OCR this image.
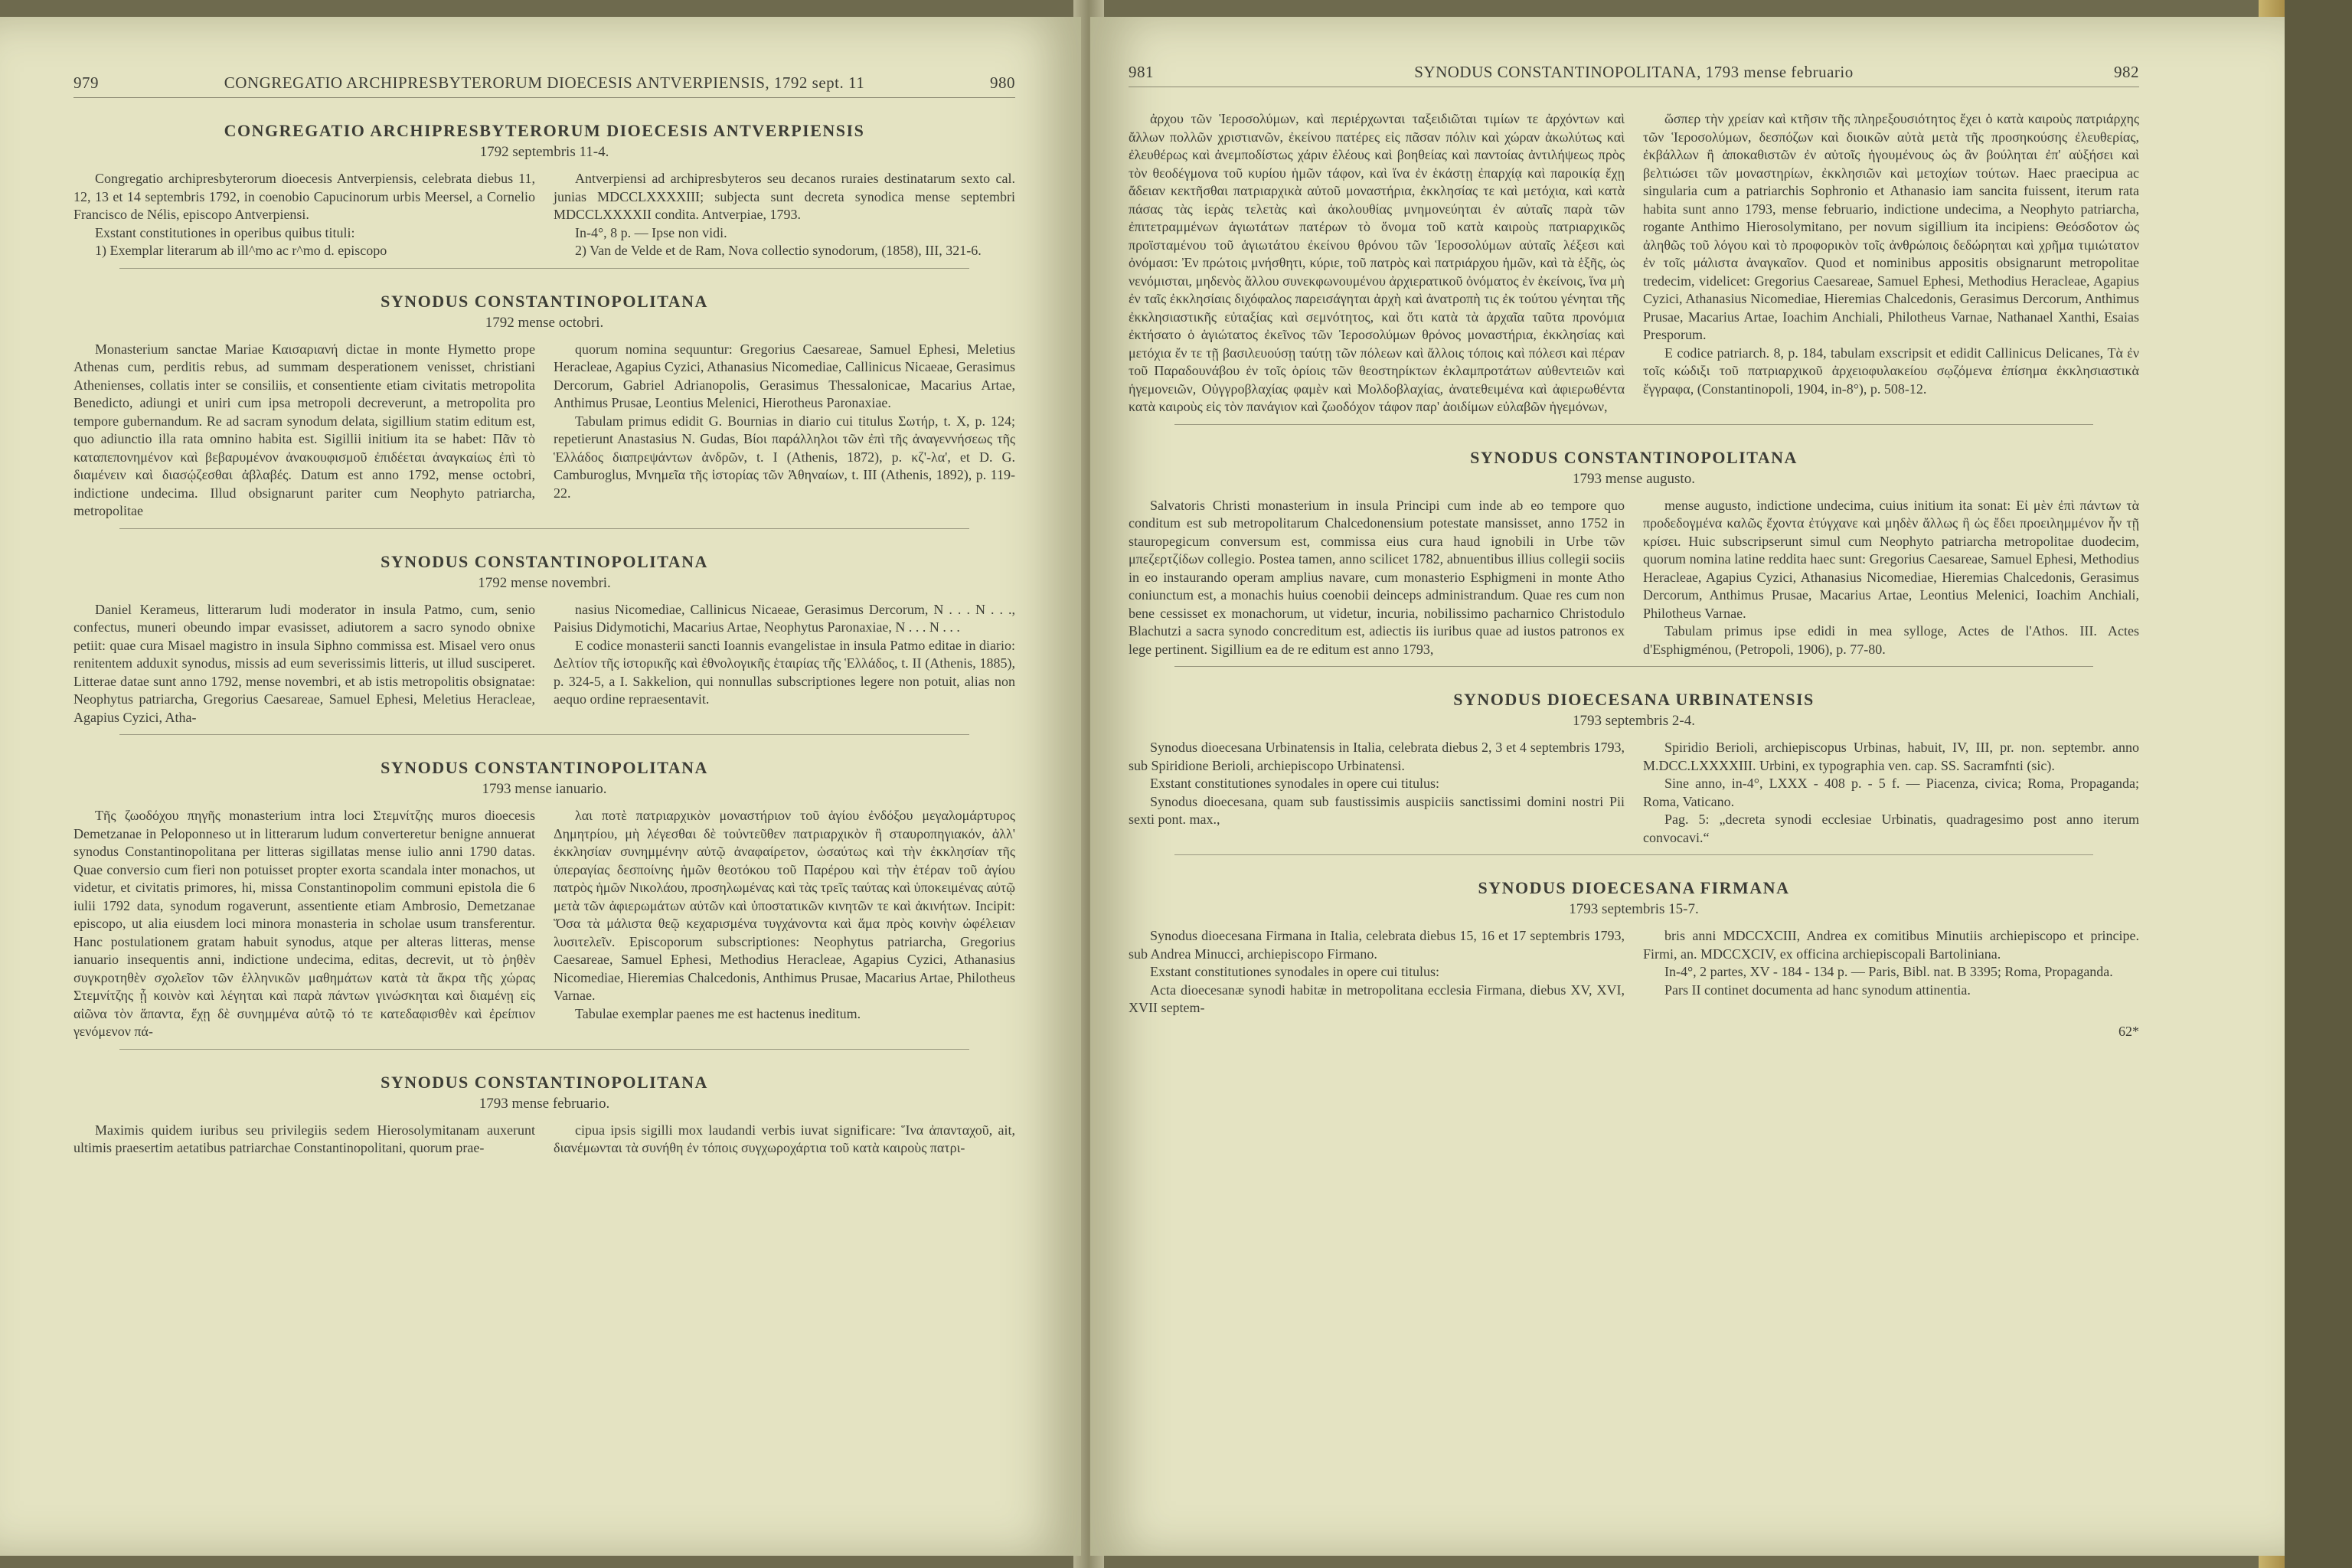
979	CONGREGATIO ARCHIPRESBYTERORUM DIOECESIS ANTVERPIENSIS, 1792 sept. 11	980
CONGREGATIO ARCHIPRESBYTERORUM DIOECESIS ANTVERPIENSIS
1792 septembris 11-4.

Congregatio archipresbyterorum dioecesis Antverpiensis, celebrata diebus 11, 12, 13 et 14 septembris 1792, in coenobio Capucinorum urbis Meersel, a Cornelio Francisco de Nélis, episcopo Antverpiensi.

Exstant constitutiones in operibus quibus tituli:

1) Exemplar literarum ab ill^mo ac r^mo d. episcopo

Antverpiensi ad archipresbyteros seu decanos ruraies destinatarum sexto cal. junias MDCCLXXXXIII; subjecta sunt decreta synodica mense septembri MDCCLXXXXII condita. Antverpiae, 1793.

In-4°, 8 p. — Ipse non vidi.

2) Van de Velde et de Ram, Nova collectio synodorum, (1858), III, 321-6.

SYNODUS CONSTANTINOPOLITANA
1792 mense octobri.

Monasterium sanctae Mariae Καισαριανή dictae in monte Hymetto prope Athenas cum, perditis rebus, ad summam desperationem venisset, christiani Athenienses, collatis inter se consiliis, et consentiente etiam civitatis metropolita Benedicto, adiungi et uniri cum ipsa metropoli decreverunt, a metropolita pro tempore gubernandum. Re ad sacram synodum delata, sigillium statim editum est, quo adiunctio illa rata omnino habita est. Sigillii initium ita se habet: Πᾶν τὸ καταπεπονημένον καὶ βεβαρυμένον ἀνακουφισμοῦ ἐπιδέεται ἀναγκαίως ἐπὶ τὸ διαμένειν καὶ διασῴζεσθαι ἀβλαβές. Datum est anno 1792, mense octobri, indictione undecima. Illud obsignarunt pariter cum Neophyto patriarcha, metropolitae

quorum nomina sequuntur: Gregorius Caesareae, Samuel Ephesi, Meletius Heracleae, Agapius Cyzici, Athanasius Nicomediae, Callinicus Nicaeae, Gerasimus Dercorum, Gabriel Adrianopolis, Gerasimus Thessalonicae, Macarius Artae, Anthimus Prusae, Leontius Melenici, Hierotheus Paronaxiae.

Tabulam primus edidit G. Bournias in diario cui titulus Σωτήρ, t. X, p. 124; repetierunt Anastasius N. Gudas, Βίοι παράλληλοι τῶν ἐπὶ τῆς ἀναγεννήσεως τῆς Ἑλλάδος διαπρεψάντων ἀνδρῶν, t. I (Athenis, 1872), p. κζ'-λα', et D. G. Camburoglus, Μνημεῖα τῆς ἱστορίας τῶν Ἀθηναίων, t. III (Athenis, 1892), p. 119-22.

SYNODUS CONSTANTINOPOLITANA
1792 mense novembri.

Daniel Kerameus, litterarum ludi moderator in insula Patmo, cum, senio confectus, muneri obeundo impar evasisset, adiutorem a sacro synodo obnixe petiit: quae cura Misael magistro in insula Siphno commissa est. Misael vero onus renitentem adduxit synodus, missis ad eum severissimis litteris, ut illud susciperet. Litterae datae sunt anno 1792, mense novembri, et ab istis metropolitis obsignatae: Neophytus patriarcha, Gregorius Caesareae, Samuel Ephesi, Meletius Heracleae, Agapius Cyzici, Atha-

nasius Nicomediae, Callinicus Nicaeae, Gerasimus Dercorum, N . . . N . . ., Paisius Didymotichi, Macarius Artae, Neophytus Paronaxiae, N . . . N . . .

E codice monasterii sancti Ioannis evangelistae in insula Patmo editae in diario: Δελτίον τῆς ἱστορικῆς καὶ ἐθνολογικῆς ἑταιρίας τῆς Ἑλλάδος, t. II (Athenis, 1885), p. 324-5, a I. Sakkelion, qui nonnullas subscriptiones legere non potuit, alias non aequo ordine repraesentavit.

SYNODUS CONSTANTINOPOLITANA
1793 mense ianuario.

Τῆς ζωοδόχου πηγῆς monasterium intra loci Στεμνίτζης muros dioecesis Demetzanae in Peloponneso ut in litterarum ludum converteretur benigne annuerat synodus Constantinopolitana per litteras sigillatas mense iulio anni 1790 datas. Quae conversio cum fieri non potuisset propter exorta scandala inter monachos, ut videtur, et civitatis primores, hi, missa Constantinopolim communi epistola die 6 iulii 1792 data, synodum rogaverunt, assentiente etiam Ambrosio, Demetzanae episcopo, ut alia eiusdem loci minora monasteria in scholae usum transferentur. Hanc postulationem gratam habuit synodus, atque per alteras litteras, mense ianuario insequentis anni, indictione undecima, editas, decrevit, ut τὸ ῥηθὲν συγκροτηθὲν σχολεῖον τῶν ἑλληνικῶν μαθημάτων κατὰ τὰ ἄκρα τῆς χώρας Στεμνίτζης ᾖ κοινὸν καὶ λέγηται καὶ παρὰ πάντων γινώσκηται καὶ διαμένῃ εἰς αἰῶνα τὸν ἅπαντα, ἔχῃ δὲ συνημμένα αὐτῷ τό τε κατεδαφισθὲν καὶ ἐρείπιον γενόμενον πά-

λαι ποτὲ πατριαρχικὸν μοναστήριον τοῦ ἁγίου ἐνδόξου μεγαλομάρτυρος Δημητρίου, μὴ λέγεσθαι δὲ τοὐντεῦθεν πατριαρχικὸν ἢ σταυροπηγιακόν, ἀλλ' ἐκκλησίαν συνημμένην αὐτῷ ἀναφαίρετον, ὡσαύτως καὶ τὴν ἐκκλησίαν τῆς ὑπεραγίας δεσποίνης ἡμῶν θεοτόκου τοῦ Παρέρου καὶ τὴν ἑτέραν τοῦ ἁγίου πατρὸς ἡμῶν Νικολάου, προσηλωμένας καὶ τὰς τρεῖς ταύτας καὶ ὑποκειμένας αὐτῷ μετὰ τῶν ἀφιερωμάτων αὐτῶν καὶ ὑποστατικῶν κινητῶν τε καὶ ἀκινήτων. Incipit: Ὅσα τὰ μάλιστα θεῷ κεχαρισμένα τυγχάνοντα καὶ ἅμα πρὸς κοινὴν ὠφέλειαν λυσιτελεῖν. Episcoporum subscriptiones: Neophytus patriarcha, Gregorius Caesareae, Samuel Ephesi, Methodius Heracleae, Agapius Cyzici, Athanasius Nicomediae, Hieremias Chalcedonis, Anthimus Prusae, Macarius Artae, Philotheus Varnae.

Tabulae exemplar paenes me est hactenus ineditum.

SYNODUS CONSTANTINOPOLITANA
1793 mense februario.

Maximis quidem iuribus seu privilegiis sedem Hierosolymitanam auxerunt ultimis praesertim aetatibus patriarchae Constantinopolitani, quorum prae-

cipua ipsis sigilli mox laudandi verbis iuvat significare: Ἵνα ἀπανταχοῦ, ait, διανέμωνται τὰ συνήθη ἐν τόποις συγχωροχάρτια τοῦ κατὰ καιροὺς πατρι-

981	SYNODUS CONSTANTINOPOLITANA, 1793 mense februario	982

ἀρχου τῶν Ἱεροσολύμων, καὶ περιέρχωνται ταξειδιῶται τιμίων τε ἀρχόντων καὶ ἄλλων πολλῶν χριστιανῶν, ἐκείνου πατέρες εἰς πᾶσαν πόλιν καὶ χώραν ἀκωλύτως καὶ ἐλευθέρως καὶ ἀνεμποδίστως χάριν ἐλέους καὶ βοηθείας καὶ παντοίας ἀντιλήψεως πρὸς τὸν θεοδέγμονα τοῦ κυρίου ἡμῶν τάφον, καὶ ἵνα ἐν ἑκάστῃ ἐπαρχίᾳ καὶ παροικίᾳ ἔχῃ ἄδειαν κεκτῆσθαι πατριαρχικὰ αὐτοῦ μοναστήρια, ἐκκλησίας τε καὶ μετόχια, καὶ κατὰ πάσας τὰς ἱερὰς τελετὰς καὶ ἀκολουθίας μνημονεύηται ἐν αὐταῖς παρὰ τῶν ἐπιτετραμμένων ἁγιωτάτων πατέρων τὸ ὄνομα τοῦ κατὰ καιροὺς πατριαρχικῶς προϊσταμένου τοῦ ἁγιωτάτου ἐκείνου θρόνου τῶν Ἱεροσολύμων αὐταῖς λέξεσι καὶ ὀνόμασι: Ἐν πρώτοις μνήσθητι, κύριε, τοῦ πατρὸς καὶ πατριάρχου ἡμῶν, καὶ τὰ ἑξῆς, ὡς νενόμισται, μηδενὸς ἄλλου συνεκφωνουμένου ἀρχιερατικοῦ ὀνόματος ἐν ἐκείνοις, ἵνα μὴ ἐν ταῖς ἐκκλησίαις διχόφαλος παρεισάγηται ἀρχὴ καὶ ἀνατροπὴ τις ἐκ τούτου γένηται τῆς ἐκκλησιαστικῆς εὐταξίας καὶ σεμνότητος, καὶ ὅτι κατὰ τὰ ἀρχαῖα ταῦτα προνόμια ἐκτήσατο ὁ ἁγιώτατος ἐκεῖνος τῶν Ἱεροσολύμων θρόνος μοναστήρια, ἐκκλησίας καὶ μετόχια ἔν τε τῇ βασιλευούσῃ ταύτῃ τῶν πόλεων καὶ ἄλλοις τόποις καὶ πόλεσι καὶ πέραν τοῦ Παραδουνάβου ἐν τοῖς ὁρίοις τῶν θεοστηρίκτων ἐκλαμπροτάτων αὐθεντειῶν καὶ ἡγεμονειῶν, Οὐγγροβλαχίας φαμὲν καὶ Μολδοβλαχίας, ἀνατεθειμένα καὶ ἀφιερωθέντα κατὰ καιροὺς εἰς τὸν πανάγιον καὶ ζωοδόχον τάφον παρ' ἀοιδίμων εὐλαβῶν ἡγεμόνων,

ὥσπερ τὴν χρείαν καὶ κτῆσιν τῆς πληρεξουσιότητος ἔχει ὁ κατὰ καιροὺς πατριάρχης τῶν Ἱεροσολύμων, δεσπόζων καὶ διοικῶν αὐτὰ μετὰ τῆς προσηκούσης ἐλευθερίας, ἐκβάλλων ἢ ἀποκαθιστῶν ἐν αὐτοῖς ἡγουμένους ὡς ἂν βούληται ἐπ' αὐξήσει καὶ βελτιώσει τῶν μοναστηρίων, ἐκκλησιῶν καὶ μετοχίων τούτων. Haec praecipua ac singularia cum a patriarchis Sophronio et Athanasio iam sancita fuissent, iterum rata habita sunt anno 1793, mense februario, indictione undecima, a Neophyto patriarcha, rogante Anthimo Hierosolymitano, per novum sigillium ita incipiens: Θεόσδοτον ὡς ἀληθῶς τοῦ λόγου καὶ τὸ προφορικὸν τοῖς ἀνθρώποις δεδώρηται καὶ χρῆμα τιμιώτατον ἐν τοῖς μάλιστα ἀναγκαῖον. Quod et nominibus appositis obsignarunt metropolitae tredecim, videlicet: Gregorius Caesareae, Samuel Ephesi, Methodius Heracleae, Agapius Cyzici, Athanasius Nicomediae, Hieremias Chalcedonis, Gerasimus Dercorum, Anthimus Prusae, Macarius Artae, Ioachim Anchiali, Philotheus Varnae, Nathanael Xanthi, Esaias Presporum.

E codice patriarch. 8, p. 184, tabulam exscripsit et edidit Callinicus Delicanes, Τὰ ἐν τοῖς κώδιξι τοῦ πατριαρχικοῦ ἀρχειοφυλακείου σῳζόμενα ἐπίσημα ἐκκλησιαστικὰ ἔγγραφα, (Constantinopoli, 1904, in-8°), p. 508-12.

SYNODUS CONSTANTINOPOLITANA
1793 mense augusto.

Salvatoris Christi monasterium in insula Principi cum inde ab eo tempore quo conditum est sub metropolitarum Chalcedonensium potestate mansisset, anno 1752 in stauropegicum conversum est, commissa eius cura haud ignobili in Urbe τῶν μπεζερτζίδων collegio. Postea tamen, anno scilicet 1782, abnuentibus illius collegii sociis in eo instaurando operam amplius navare, cum monasterio Esphigmeni in monte Atho coniunctum est, a monachis huius coenobii deinceps administrandum. Quae res cum non bene cessisset ex monachorum, ut videtur, incuria, nobilissimo pacharnico Christodulo Blachutzi a sacra synodo concreditum est, adiectis iis iuribus quae ad iustos patronos ex lege pertinent. Sigillium ea de re editum est anno 1793,

mense augusto, indictione undecima, cuius initium ita sonat: Εἰ μὲν ἐπὶ πάντων τὰ προδεδογμένα καλῶς ἔχοντα ἐτύγχανε καὶ μηδὲν ἄλλως ἢ ὡς ἔδει προειλημμένον ἦν τῇ κρίσει. Huic subscripserunt simul cum Neophyto patriarcha metropolitae duodecim, quorum nomina latine reddita haec sunt: Gregorius Caesareae, Samuel Ephesi, Methodius Heracleae, Agapius Cyzici, Athanasius Nicomediae, Hieremias Chalcedonis, Gerasimus Dercorum, Anthimus Prusae, Macarius Artae, Leontius Melenici, Ioachim Anchiali, Philotheus Varnae.

Tabulam primus ipse edidi in mea sylloge, Actes de l'Athos. III. Actes d'Esphigménou, (Petropoli, 1906), p. 77-80.

SYNODUS DIOECESANA URBINATENSIS
1793 septembris 2-4.

Synodus dioecesana Urbinatensis in Italia, celebrata diebus 2, 3 et 4 septembris 1793, sub Spiridione Berioli, archiepiscopo Urbinatensi.

Exstant constitutiones synodales in opere cui titulus:

Synodus dioecesana, quam sub faustissimis auspiciis sanctissimi domini nostri Pii sexti pont. max.,

Spiridio Berioli, archiepiscopus Urbinas, habuit, IV, III, pr. non. septembr. anno M.DCC.LXXXXIII. Urbini, ex typographia ven. cap. SS. Sacramfnti (sic).

Sine anno, in-4°, LXXX - 408 p. - 5 f. — Piacenza, civica; Roma, Propaganda; Roma, Vaticano.

Pag. 5: „decreta synodi ecclesiae Urbinatis, quadragesimo post anno iterum convocavi.“

SYNODUS DIOECESANA FIRMANA
1793 septembris 15-7.

Synodus dioecesana Firmana in Italia, celebrata diebus 15, 16 et 17 septembris 1793, sub Andrea Minucci, archiepiscopo Firmano.

Exstant constitutiones synodales in opere cui titulus:

Acta dioecesanæ synodi habitæ in metropolitana ecclesia Firmana, diebus XV, XVI, XVII septem-

bris anni MDCCXCIII, Andrea ex comitibus Minutiis archiepiscopo et principe. Firmi, an. MDCCXCIV, ex officina archiepiscopali Bartoliniana.

In-4°, 2 partes, XV - 184 - 134 p. — Paris, Bibl. nat. B 3395; Roma, Propaganda.

Pars II continet documenta ad hanc synodum attinentia.

62*
